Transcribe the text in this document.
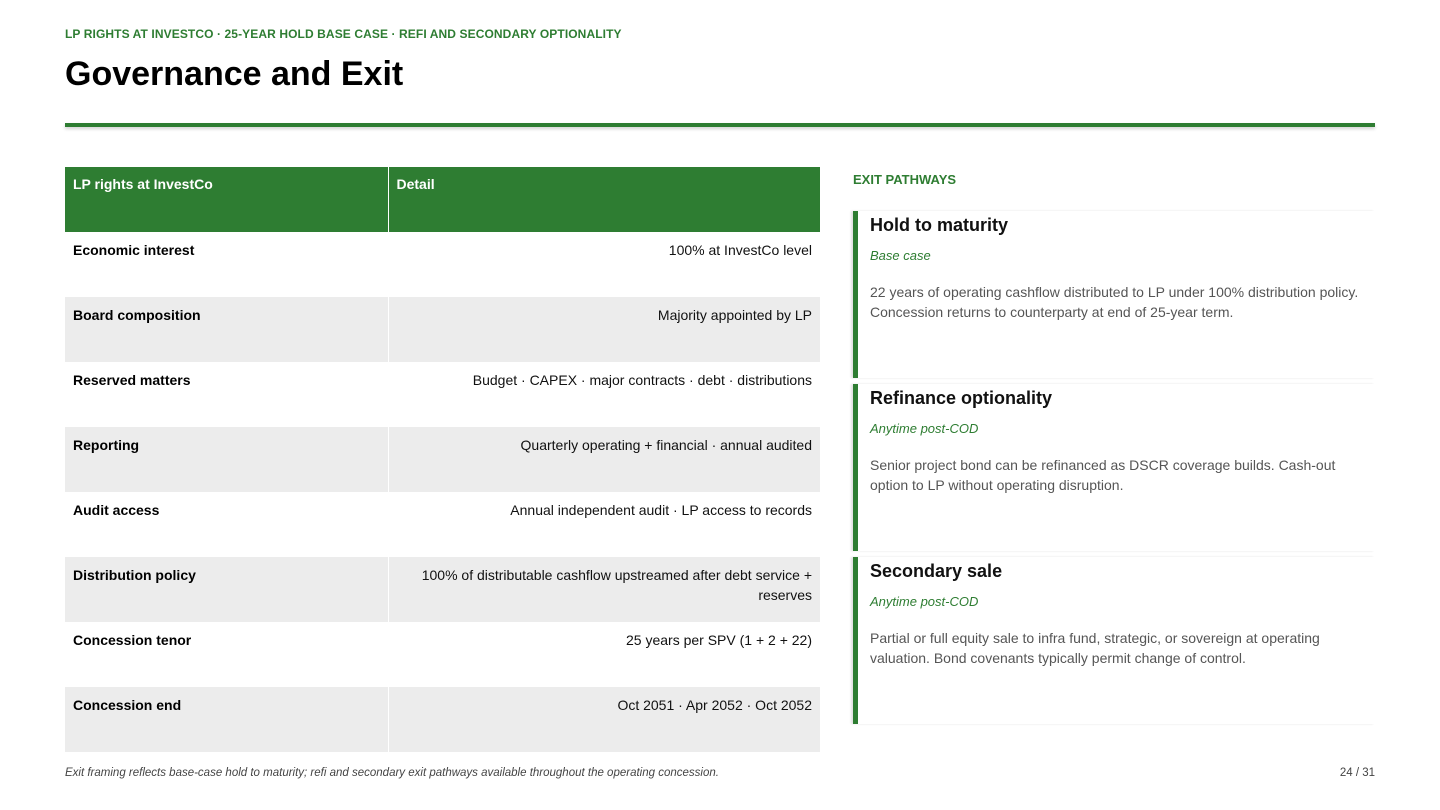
LP RIGHTS AT INVESTCO · 25-YEAR HOLD BASE CASE · REFI AND SECONDARY OPTIONALITY
Governance and Exit
LP rights at InvestCo	Detail
Economic interest	100% at InvestCo level
Board composition	Majority appointed by LP
Reserved matters	Budget · CAPEX · major contracts · debt · distributions
Reporting	Quarterly operating + financial · annual audited
Audit access	Annual independent audit · LP access to records
Distribution policy	100% of distributable cashflow upstreamed after debt service + reserves
Concession tenor	25 years per SPV (1 + 2 + 22)
Concession end	Oct 2051 · Apr 2052 · Oct 2052
EXIT PATHWAYS
Hold to maturity
Base case
22 years of operating cashflow distributed to LP under 100% distribution policy. Concession returns to counterparty at end of 25-year term.
Refinance optionality
Anytime post-COD
Senior project bond can be refinanced as DSCR coverage builds. Cash-out option to LP without operating disruption.
Secondary sale
Anytime post-COD
Partial or full equity sale to infra fund, strategic, or sovereign at operating valuation. Bond covenants typically permit change of control.
Exit framing reflects base-case hold to maturity; refi and secondary exit pathways available throughout the operating concession.	24 / 31
